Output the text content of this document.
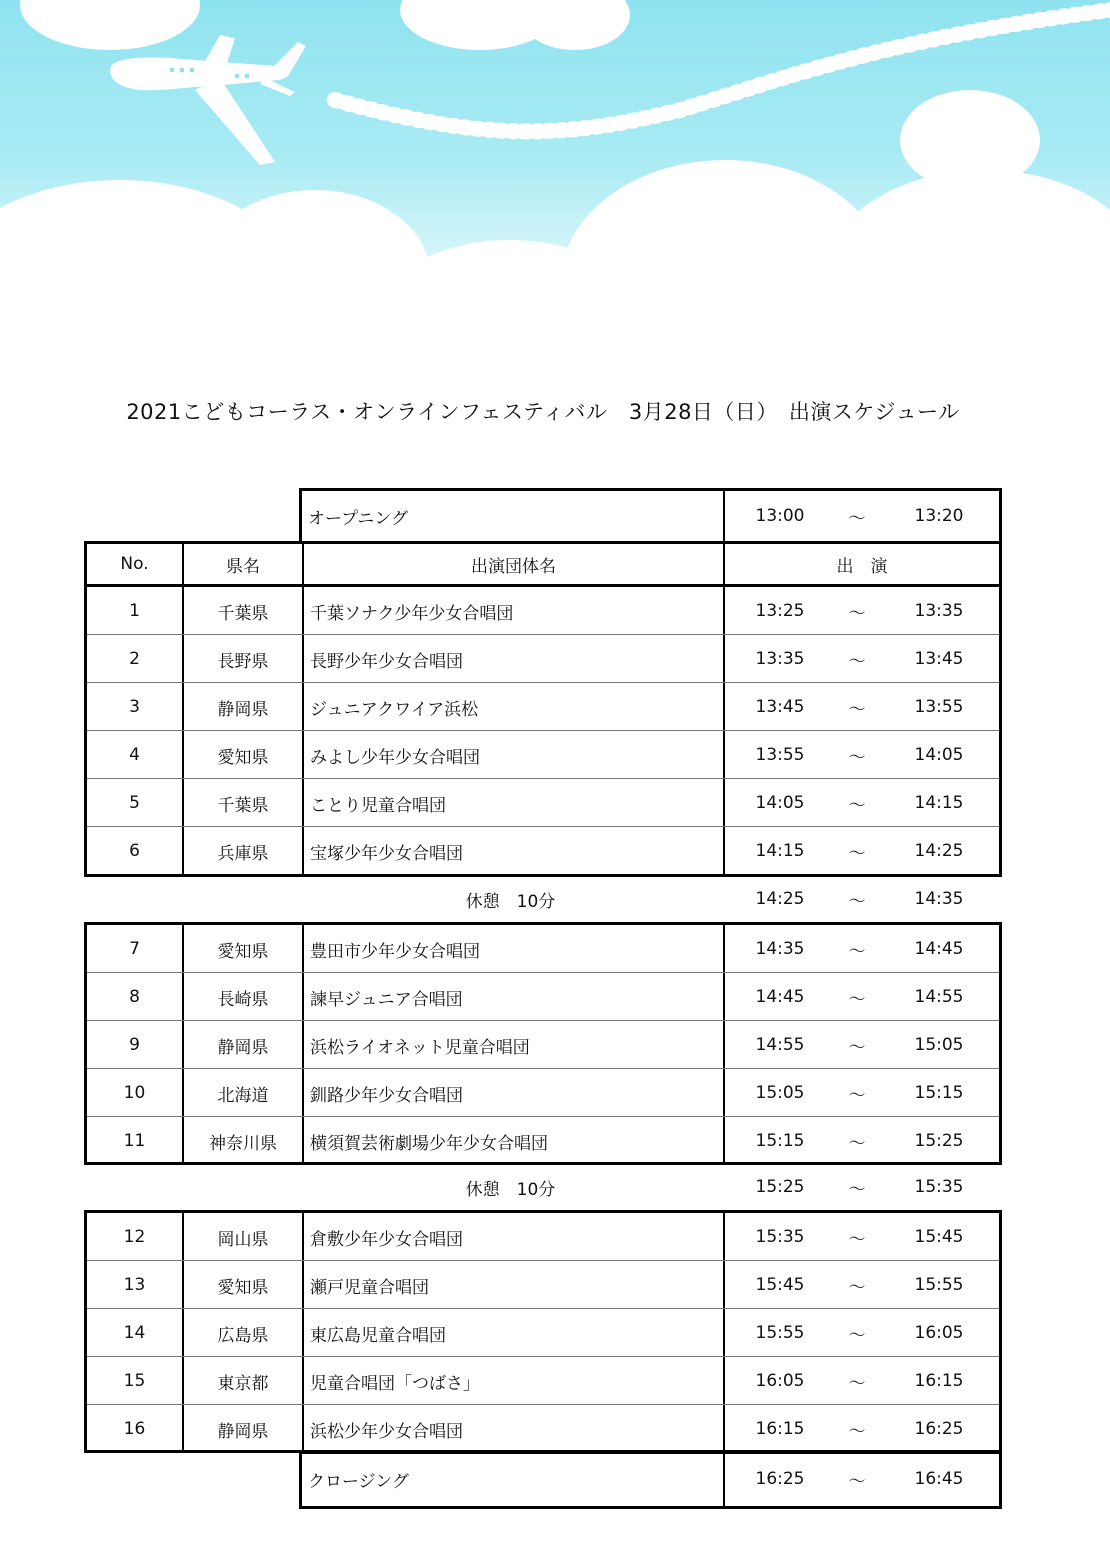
2021こどもコーラス・オンラインフェスティバル　3月28日（日）　出演スケジュール
オープニング	13:00	～	13:20
No.	県名	出演団体名	出　演
1	千葉県	千葉ソナク少年少女合唱団	13:25	～	13:35
2	長野県	長野少年少女合唱団	13:35	～	13:45
3	静岡県	ジュニアクワイア浜松	13:45	～	13:55
4	愛知県	みよし少年少女合唱団	13:55	～	14:05
5	千葉県	ことり児童合唱団	14:05	～	14:15
6	兵庫県	宝塚少年少女合唱団	14:15	～	14:25
休憩　10分	14:25	～	14:35
7	愛知県	豊田市少年少女合唱団	14:35	～	14:45
8	長崎県	諫早ジュニア合唱団	14:45	～	14:55
9	静岡県	浜松ライオネット児童合唱団	14:55	～	15:05
10	北海道	釧路少年少女合唱団	15:05	～	15:15
11	神奈川県	横須賀芸術劇場少年少女合唱団	15:15	～	15:25
休憩　10分	15:25	～	15:35
12	岡山県	倉敷少年少女合唱団	15:35	～	15:45
13	愛知県	瀬戸児童合唱団	15:45	～	15:55
14	広島県	東広島児童合唱団	15:55	～	16:05
15	東京都	児童合唱団「つばさ」	16:05	～	16:15
16	静岡県	浜松少年少女合唱団	16:15	～	16:25
クロージング	16:25	～	16:45
